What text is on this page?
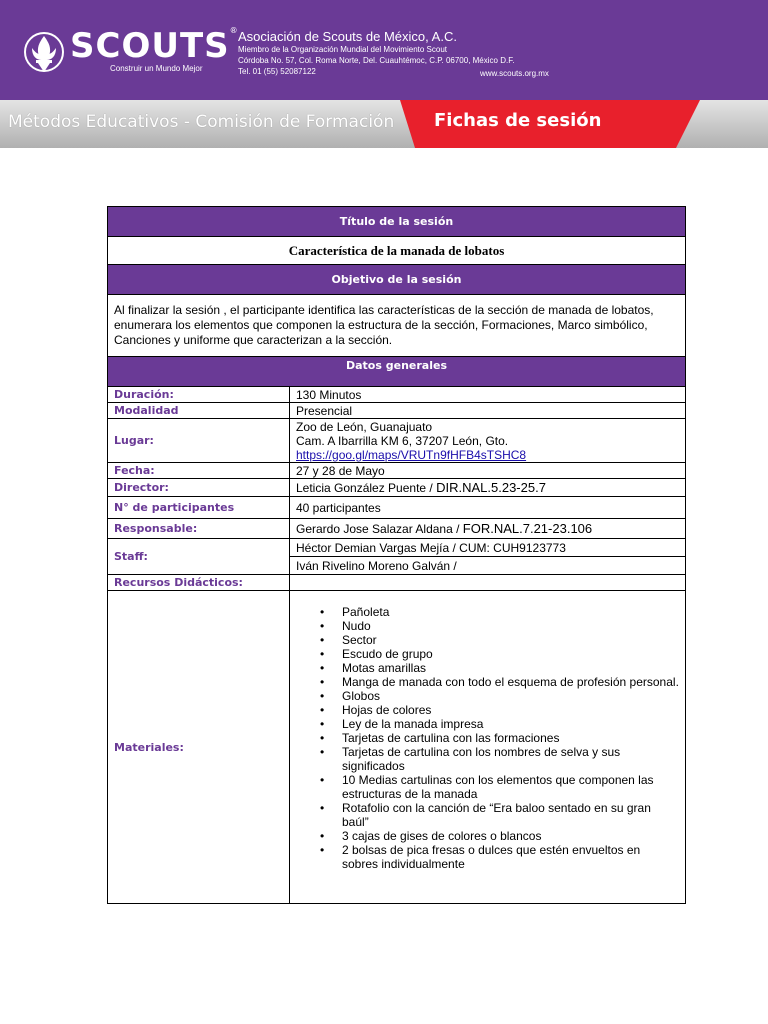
SCOUTS®
Construir un Mundo Mejor
Asociación de Scouts de México, A.C.
Miembro de la Organización Mundial del Movimiento Scout
Córdoba No. 57, Col. Roma Norte, Del. Cuauhtémoc, C.P. 06700, México D.F.
Tel. 01 (55) 52087122	www.scouts.org.mx
Métodos Educativos - Comisión de Formación Fichas de sesión
Título de la sesión
Característica de la manada de lobatos
Objetivo de la sesión
Al finalizar la sesión , el participante identifica las características de la sección de manada de lobatos, enumerara los elementos que componen la estructura de la sección, Formaciones, Marco simbólico, Canciones y uniforme que caracterizan a la sección.
Datos generales
Duración:	130 Minutos
Modalidad	Presencial
Lugar:
Zoo de León, Guanajuato
Cam. A Ibarrilla KM 6, 37207 León, Gto.
https://goo.gl/maps/VRUTn9fHFB4sTSHC8
Fecha:	27 y 28 de Mayo
Director:	Leticia González Puente / DIR.NAL.5.23-25.7
N° de participantes	40 participantes
Responsable:	Gerardo Jose Salazar Aldana / FOR.NAL.7.21-23.106
Staff:
Héctor Demian Vargas Mejía / CUM: CUH9123773
Iván Rivelino Moreno Galván /
Recursos Didácticos:
Materiales:
• Pañoleta
• Nudo
• Sector
• Escudo de grupo
• Motas amarillas
• Manga de manada con todo el esquema de profesión personal.
• Globos
• Hojas de colores
• Ley de la manada impresa
• Tarjetas de cartulina con las formaciones
• Tarjetas de cartulina con los nombres de selva y sus significados
• 10 Medias cartulinas con los elementos que componen las estructuras de la manada
• Rotafolio con la canción de “Era baloo sentado en su gran baúl”
• 3 cajas de gises de colores o blancos
• 2 bolsas de pica fresas o dulces que estén envueltos en sobres individualmente
